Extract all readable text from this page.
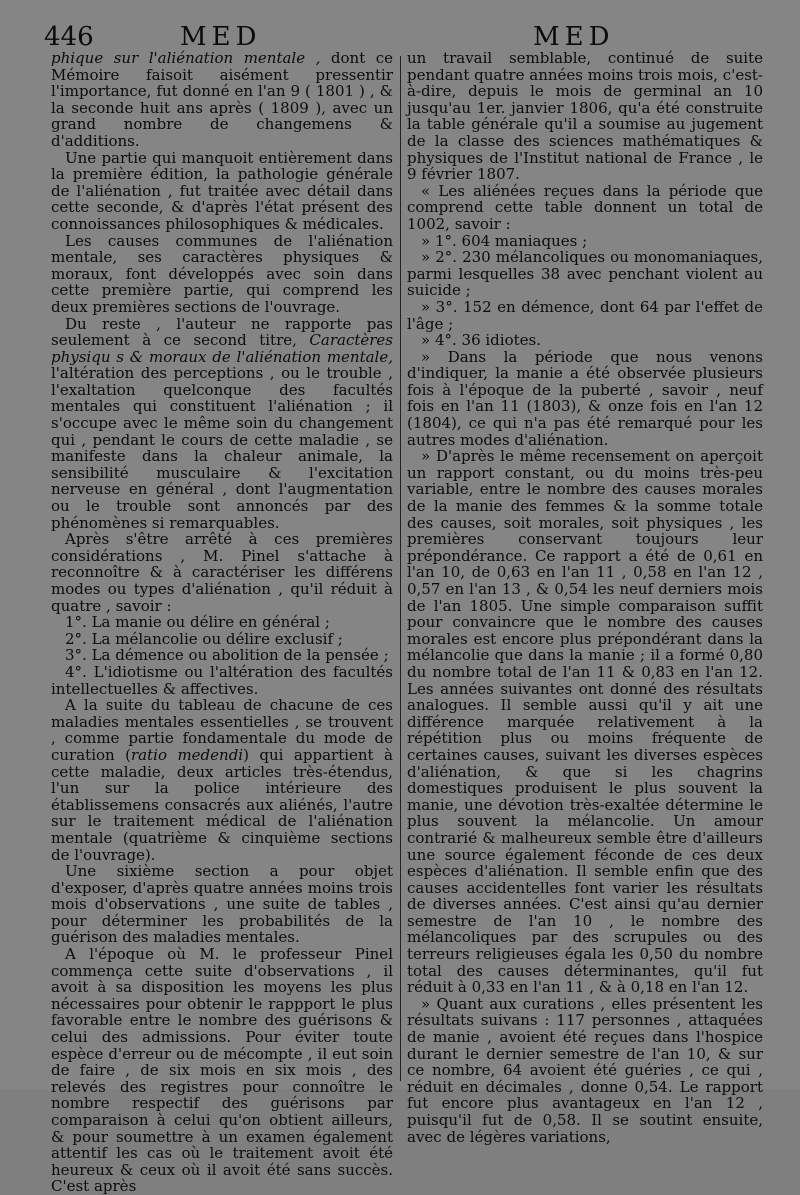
446	MED	MED

phique sur l'aliénation mentale , dont ce Mémoire faisoit aisément pressentir l'importance, fut donné en l'an 9 ( 1801 ) , & la seconde huit ans après ( 1809 ), avec un grand nombre de changemens & d'additions.

Une partie qui manquoit entièrement dans la première édition, la pathologie générale de l'aliénation , fut traitée avec détail dans cette seconde, & d'après l'état présent des connoissances philosophiques & médicales.

Les causes communes de l'aliénation mentale, ses caractères physiques & moraux, font développés avec soin dans cette première partie, qui comprend les deux premières sections de l'ouvrage.

Du reste , l'auteur ne rapporte pas seulement à ce second titre, Caractères physiqu s & moraux de l'aliénation mentale, l'altération des perceptions , ou le trouble , l'exaltation quelconque des facultés mentales qui constituent l'aliénation ; il s'occupe avec le même soin du changement qui , pendant le cours de cette maladie , se manifeste dans la chaleur animale, la sensibilité musculaire & l'excitation nerveuse en général , dont l'augmentation ou le trouble sont annoncés par des phénomènes si remarquables.

Après s'être arrêté à ces premières considérations , M. Pinel s'attache à reconnoître & à caractériser les différens modes ou types d'aliénation , qu'il réduit à quatre , savoir :

1°. La manie ou délire en général ;

2°. La mélancolie ou délire exclusif ;

3°. La démence ou abolition de la pensée ;

4°. L'idiotisme ou l'altération des facultés intellectuelles & affectives.

A la suite du tableau de chacune de ces maladies mentales essentielles , se trouvent , comme partie fondamentale du mode de curation (ratio medendi) qui appartient à cette maladie, deux articles très-étendus, l'un sur la police intérieure des établissemens consacrés aux aliénés, l'autre sur le traitement médical de l'aliénation mentale (quatrième & cinquième sections de l'ouvrage).

Une sixième section a pour objet d'exposer, d'après quatre années moins trois mois d'observations , une suite de tables , pour déterminer les probabilités de la guérison des maladies mentales.

A l'époque où M. le professeur Pinel commença cette suite d'observations , il avoit à sa disposition les moyens les plus nécessaires pour obtenir le rappport le plus favorable entre le nombre des guérisons & celui des admissions. Pour éviter toute espèce d'erreur ou de mécompte , il eut soin de faire , de six mois en six mois , des relevés des registres pour connoître le nombre respectif des guérisons par comparaison à celui qu'on obtient ailleurs, & pour soumettre à un examen également attentif les cas où le traitement avoit été heureux & ceux où il avoit été sans succès. C'est après

un travail semblable, continué de suite pendant quatre années moins trois mois, c'est-à-dire, depuis le mois de germinal an 10 jusqu'au 1er. janvier 1806, qu'a été construite la table générale qu'il a soumise au jugement de la classe des sciences mathématiques & physiques de l'Institut national de France , le 9 février 1807.

« Les aliénées reçues dans la période que comprend cette table donnent un total de 1002, savoir :

» 1°. 604 maniaques ;

» 2°. 230 mélancoliques ou monomaniaques, parmi lesquelles 38 avec penchant violent au suicide ;

» 3°. 152 en démence, dont 64 par l'effet de l'âge ;

» 4°. 36 idiotes.

» Dans la période que nous venons d'indiquer, la manie a été observée plusieurs fois à l'époque de la puberté , savoir , neuf fois en l'an 11 (1803), & onze fois en l'an 12 (1804), ce qui n'a pas été remarqué pour les autres modes d'aliénation.

» D'après le même recensement on aperçoit un rapport constant, ou du moins très-peu variable, entre le nombre des causes morales de la manie des femmes & la somme totale des causes, soit morales, soit physiques , les premières conservant toujours leur prépondérance. Ce rapport a été de 0,61 en l'an 10, de 0,63 en l'an 11 , 0,58 en l'an 12 , 0,57 en l'an 13 , & 0,54 les neuf derniers mois de l'an 1805. Une simple comparaison suffit pour convaincre que le nombre des causes morales est encore plus prépondérant dans la mélancolie que dans la manie ; il a formé 0,80 du nombre total de l'an 11 & 0,83 en l'an 12. Les années suivantes ont donné des résultats analogues. Il semble aussi qu'il y ait une différence marquée relativement à la répétition plus ou moins fréquente de certaines causes, suivant les diverses espèces d'aliénation, & que si les chagrins domestiques produisent le plus souvent la manie, une dévotion très-exaltée détermine le plus souvent la mélancolie. Un amour contrarié & malheureux semble être d'ailleurs une source également féconde de ces deux espèces d'aliénation. Il semble enfin que des causes accidentelles font varier les résultats de diverses années. C'est ainsi qu'au dernier semestre de l'an 10 , le nombre des mélancoliques par des scrupules ou des terreurs religieuses égala les 0,50 du nombre total des causes déterminantes, qu'il fut réduit à 0,33 en l'an 11 , & à 0,18 en l'an 12.

» Quant aux curations , elles présentent les résultats suivans : 117 personnes , attaquées de manie , avoient été reçues dans l'hospice durant le dernier semestre de l'an 10, & sur ce nombre, 64 avoient été guéries , ce qui , réduit en décimales , donne 0,54. Le rapport fut encore plus avantageux en l'an 12 , puisqu'il fut de 0,58. Il se soutint ensuite, avec de légères variations,
